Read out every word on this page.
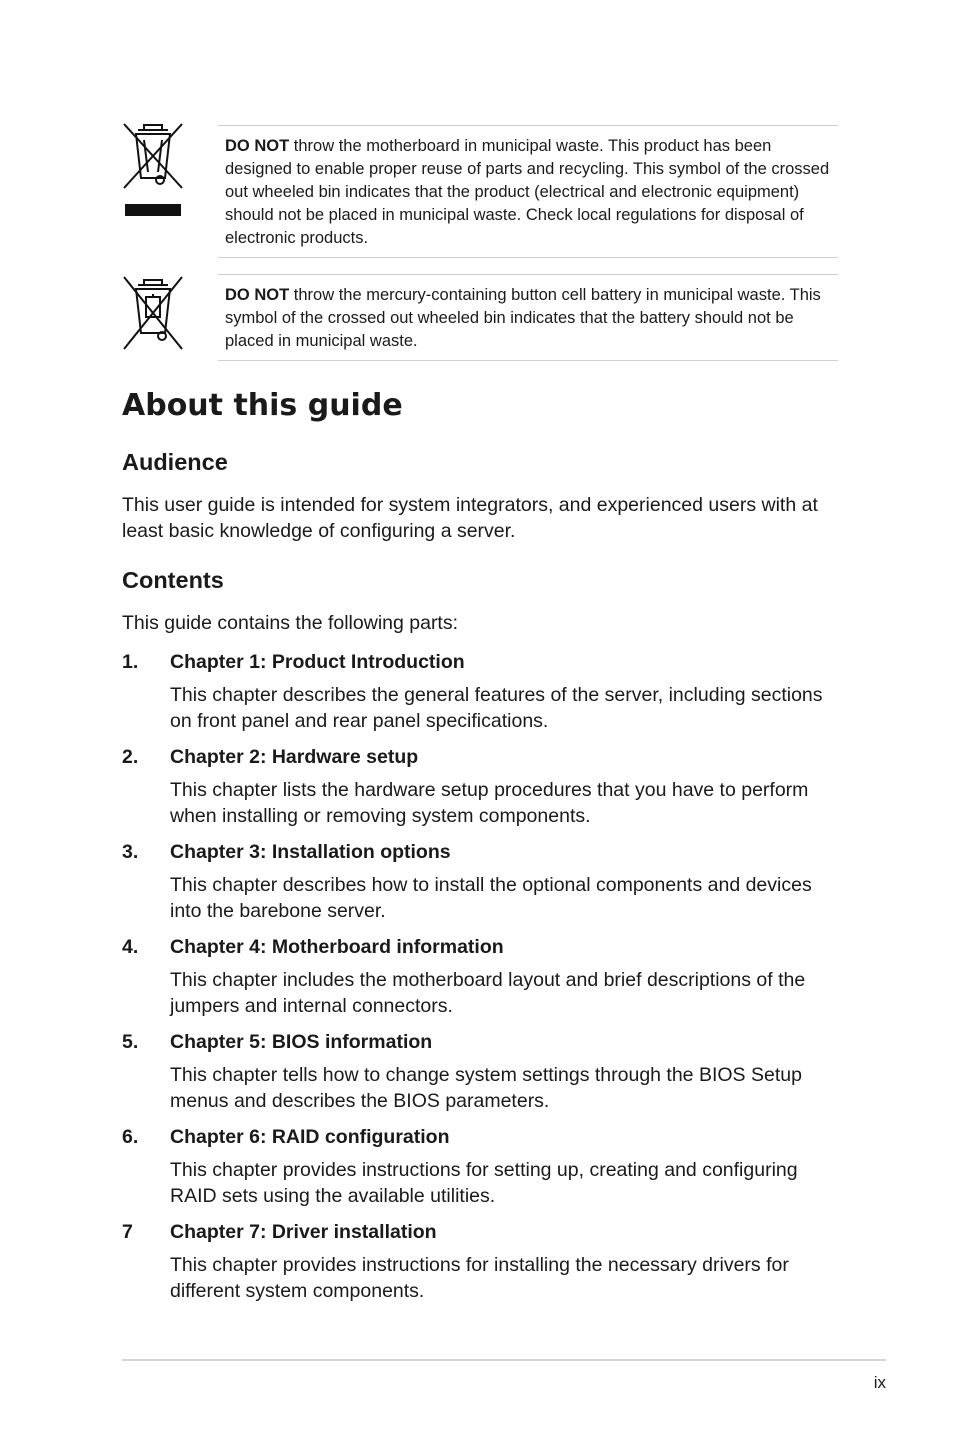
DO NOT throw the motherboard in municipal waste. This product has been designed to enable proper reuse of parts and recycling. This symbol of the crossed out wheeled bin indicates that the product (electrical and electronic equipment) should not be placed in municipal waste. Check local regulations for disposal of electronic products.
DO NOT throw the mercury-containing button cell battery in municipal waste. This symbol of the crossed out wheeled bin indicates that the battery should not be placed in municipal waste.
About this guide
Audience

This user guide is intended for system integrators, and experienced users with at least basic knowledge of configuring a server.

Contents

This guide contains the following parts:

1. Chapter 1: Product Introduction
This chapter describes the general features of the server, including sections on front panel and rear panel specifications.
2. Chapter 2: Hardware setup
This chapter lists the hardware setup procedures that you have to perform when installing or removing system components.
3. Chapter 3: Installation options
This chapter describes how to install the optional components and devices into the barebone server.
4. Chapter 4: Motherboard information
This chapter includes the motherboard layout and brief descriptions of the jumpers and internal connectors.
5. Chapter 5: BIOS information
This chapter tells how to change system settings through the BIOS Setup menus and describes the BIOS parameters.
6. Chapter 6: RAID configuration
This chapter provides instructions for setting up, creating and configuring RAID sets using the available utilities.
7 Chapter 7: Driver installation
This chapter provides instructions for installing the necessary drivers for different system components.
ix
